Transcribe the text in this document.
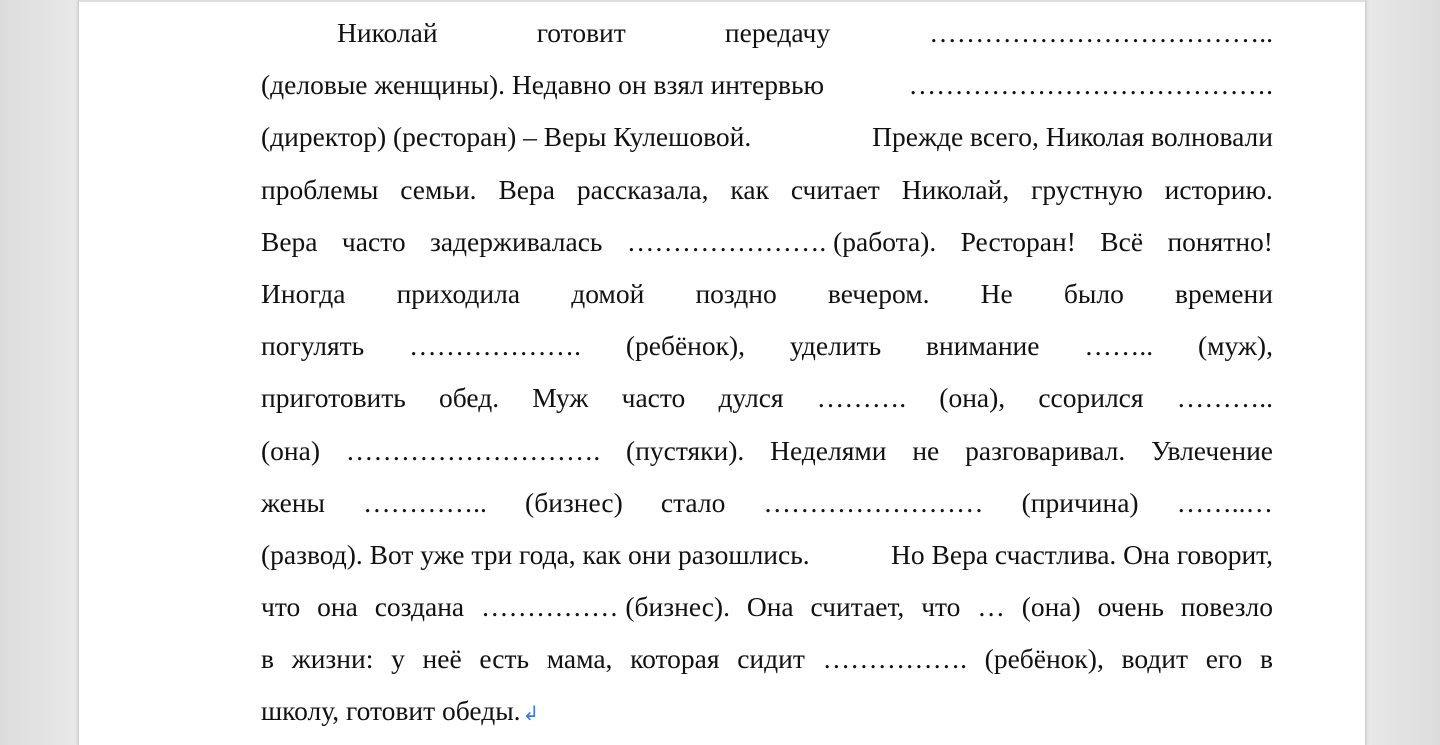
Николай	готовит	передачу	………………………………..
(деловые женщины). Недавно он взял интервью	………………………………….
(директор) (ресторан) – Веры Кулешовой.	Прежде всего, Николая волновали
проблемы семьи. Вера рассказала, как считает Николай, грустную историю.
Вера часто задерживалась …………………. (работа). Ресторан! Всё понятно!
Иногда приходила домой поздно вечером. Не было времени
погулять ………………. (ребёнок), уделить внимание …….. (муж),
приготовить обед. Муж часто дулся ………. (она), ссорился ………..
(она) ………………………. (пустяки). Неделями не разговаривал. Увлечение
жены ………….. (бизнес) стало …………………… (причина) ……..…
(развод). Вот уже три года, как они разошлись.	Но Вера счастлива. Она говорит,
что она создана …………… (бизнес). Она считает, что … (она) очень повезло
в жизни: у неё есть мама, которая сидит ……………. (ребёнок), водит его в
школу, готовит обеды. ↲
